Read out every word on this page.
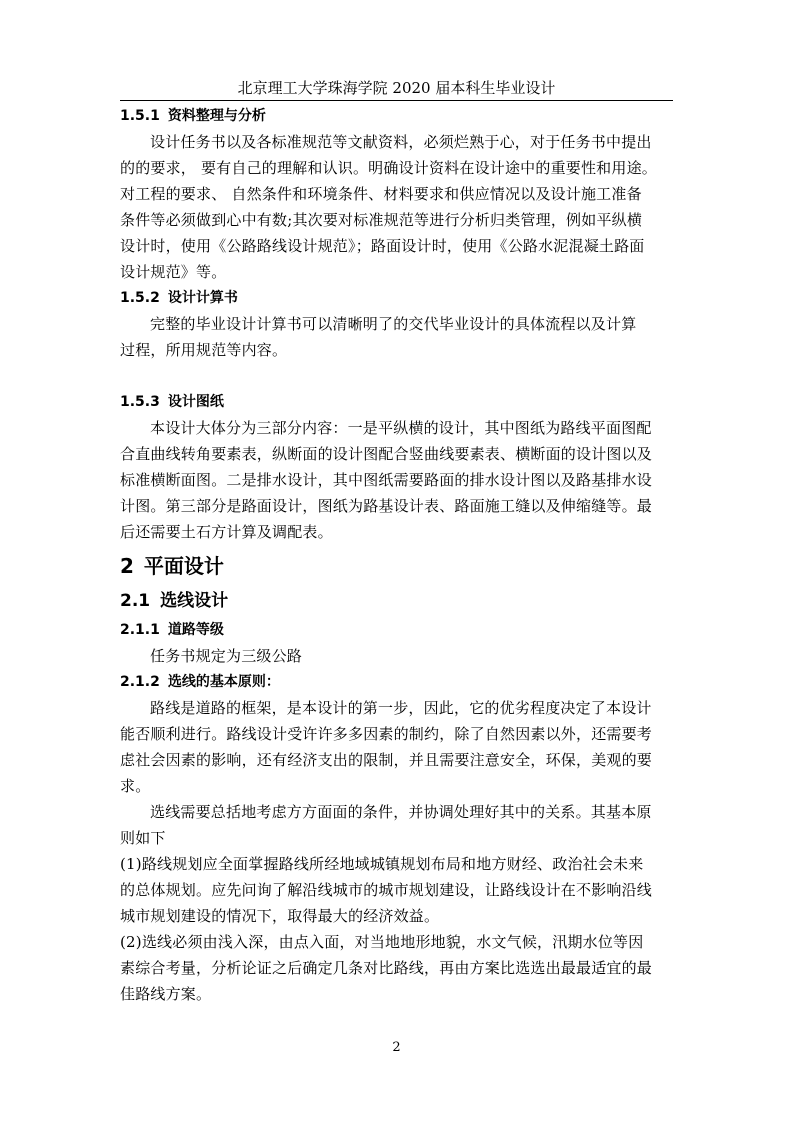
北京理工大学珠海学院 2020 届本科生毕业设计
1.5.1 资料整理与分析

设计任务书以及各标准规范等文献资料，必须烂熟于心，对于任务书中提出
的的要求， 要有自己的理解和认识。明确设计资料在设计途中的重要性和用途。
对工程的要求、 自然条件和环境条件、材料要求和供应情况以及设计施工准备
条件等必须做到心中有数;其次要对标准规范等进行分析归类管理，例如平纵横
设计时，使用《公路路线设计规范》；路面设计时，使用《公路水泥混凝土路面
设计规范》等。

1.5.2 设计计算书

完整的毕业设计计算书可以清晰明了的交代毕业设计的具体流程以及计算
过程，所用规范等内容。

1.5.3 设计图纸

本设计大体分为三部分内容：一是平纵横的设计，其中图纸为路线平面图配
合直曲线转角要素表，纵断面的设计图配合竖曲线要素表、横断面的设计图以及
标准横断面图。二是排水设计，其中图纸需要路面的排水设计图以及路基排水设
计图。第三部分是路面设计，图纸为路基设计表、路面施工缝以及伸缩缝等。最
后还需要土石方计算及调配表。

2 平面设计
2.1 选线设计
2.1.1 道路等级

任务书规定为三级公路

2.1.2 选线的基本原则：

路线是道路的框架，是本设计的第一步，因此，它的优劣程度决定了本设计
能否顺利进行。路线设计受许许多多因素的制约，除了自然因素以外，还需要考
虑社会因素的影响，还有经济支出的限制，并且需要注意安全，环保，美观的要
求。

选线需要总括地考虑方方面面的条件，并协调处理好其中的关系。其基本原
则如下

(1)路线规划应全面掌握路线所经地域城镇规划布局和地方财经、政治社会未来
的总体规划。应先问询了解沿线城市的城市规划建设，让路线设计在不影响沿线
城市规划建设的情况下，取得最大的经济效益。

(2)选线必须由浅入深，由点入面，对当地地形地貌，水文气候，汛期水位等因
素综合考量，分析论证之后确定几条对比路线，再由方案比选选出最最适宜的最
佳路线方案。

2
